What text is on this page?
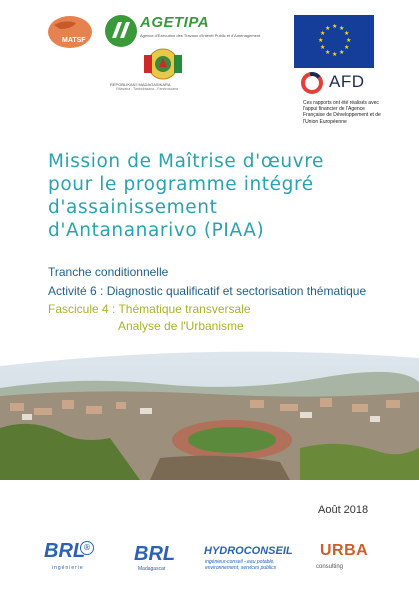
MATSF
AGETIPA
Agence d'Exécution des Travaux d'Intérêt Public et d'Aménagement
REPOBLIKAN'I MADAGASIKARA
Fitiavana - Tanindrazana - Fandrosoana
★ ★
★
★
★
★
★
★
★
★
★
★
AFD
Ces rapports ont été réalisés avec l'appui financier de l'Agence Française de Développement et de l'Union Européenne
Mission de Maîtrise d'œuvre
pour le programme intégré
d'assainissement
d'Antananarivo (PIAA)
Tranche conditionnelle
Activité 6 : Diagnostic qualificatif et sectorisation thématique
Fascicule 4 : Thématique transversale
Analyse de l'Urbanisme
Août 2018
BRL
®
ingénierie
BRL
Madagascar
HYDROCONSEIL
ingénieur-conseil - eau potable, environnement, services publics
URBA
consulting
